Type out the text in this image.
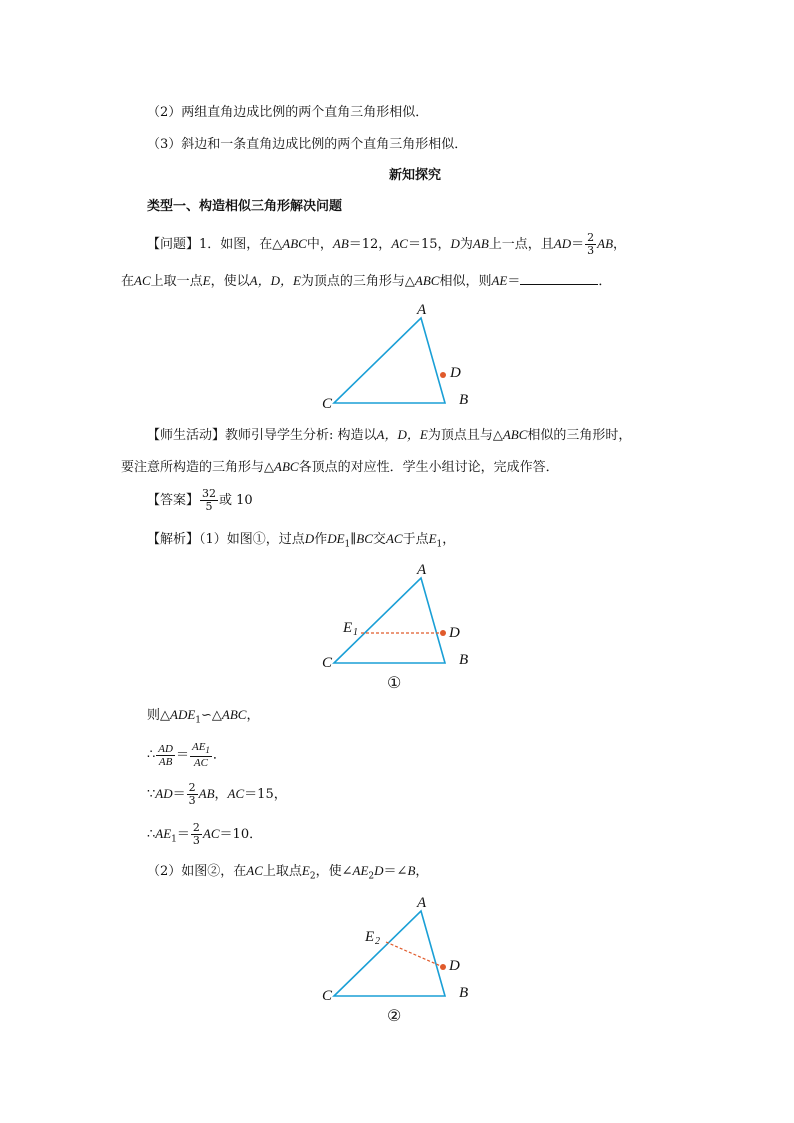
（2）两组直角边成比例的两个直角三角形相似．
（3）斜边和一条直角边成比例的两个直角三角形相似．
新知探究
类型一、构造相似三角形解决问题
【问题】1．如图，在△ABC中，AB＝12，AC＝15，D为AB上一点，且$AD= \frac{2}{3}$ AB，
在AC上取一点E，使以A，D，E为顶点的三角形与△ABC相似，则AE＝	．
A
B
C
D
【师生活动】教师引导学生分析: 构造以A，D，E为顶点且与△ABC相似的三角形时，
要注意所构造的三角形与△ABC各顶点的对应性．学生小组讨论，完成作答．
【答案】 $\frac{32}{5}$ 或 10
【解析】（1）如图①，过点D作$DE_1\parallel BC$交AC于点$E_1$，
A
B
C
D
E 1
①
则$\triangle ADE_1∽\triangle ABC$，
∴ $\frac{AD}{AB} = \frac{AE_1}{AC}$ ．
∵AD＝ $\frac{2}{3}$ AB，AC＝15，
$\therefore AE_1= \frac{2}{3} AC=10$．
（2）如图②，在AC上取点$E_2$，使$\angle AE_2D=\angle B$，
A
B
C
D
E 2
②
